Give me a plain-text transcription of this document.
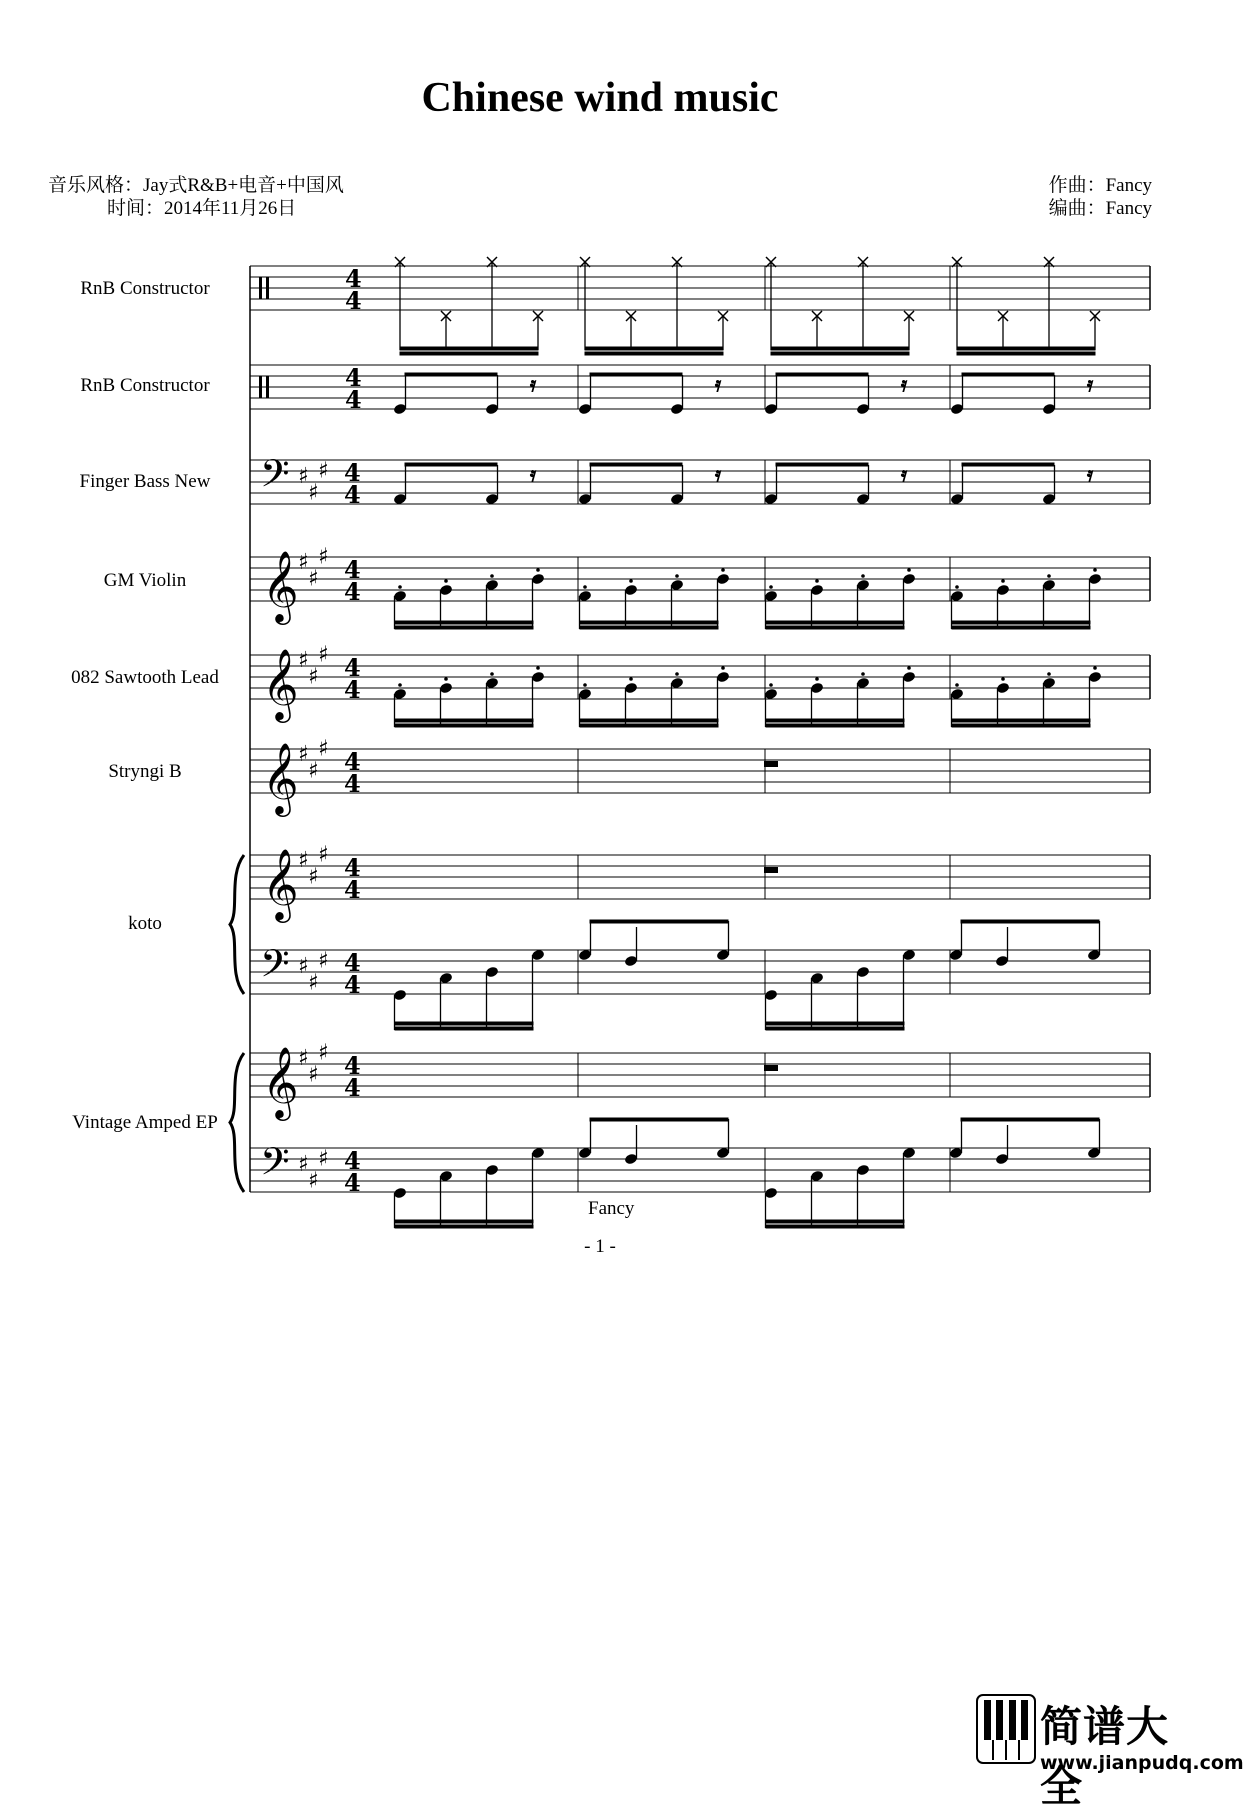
Chinese wind music
音乐风格：Jay式R&B+电音+中国风
时间：2014年11月26日
作曲：Fancy
编曲：Fancy
RnB Constructor
RnB Constructor
Finger Bass New
GM Violin
082 Sawtooth Lead
Stryngi B
koto
Vintage Amped EP
4
4
4
4
𝄢 ♯
♯
♯ 4
4
𝄞 ♯
♯
♯ 4
4
𝄞 ♯
♯
♯ 4
4
𝄞 ♯
♯
♯ 4
4
𝄞 ♯
♯
♯ 4
4
𝄢 ♯
♯
♯ 4
4
𝄞 ♯
♯
♯ 4
4
𝄢 ♯
♯
♯ 4
4
𝄿	𝄿	𝄿	𝄿
𝄿	𝄿	𝄿	𝄿
Fancy
- 1 -
简谱大全
www.jianpudq.com
